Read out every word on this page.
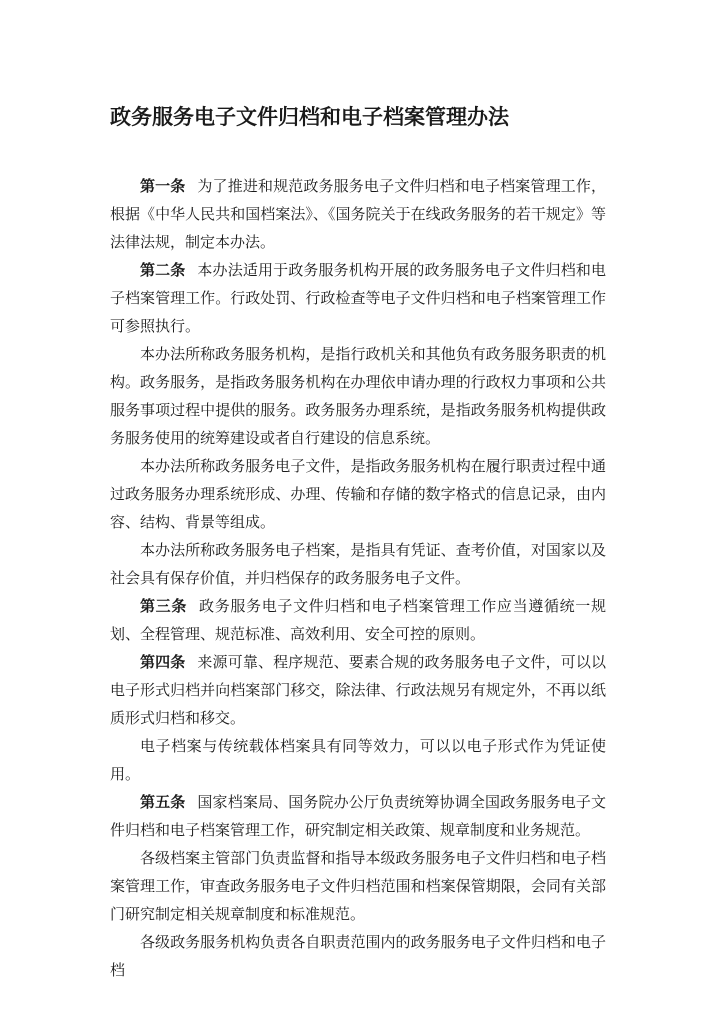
政务服务电子文件归档和电子档案管理办法

第一条 为了推进和规范政务服务电子文件归档和电子档案管理工作，根据《中华人民共和国档案法》、《国务院关于在线政务服务的若干规定》等法律法规，制定本办法。

第二条 本办法适用于政务服务机构开展的政务服务电子文件归档和电子档案管理工作。行政处罚、行政检查等电子文件归档和电子档案管理工作可参照执行。

本办法所称政务服务机构，是指行政机关和其他负有政务服务职责的机构。政务服务，是指政务服务机构在办理依申请办理的行政权力事项和公共服务事项过程中提供的服务。政务服务办理系统，是指政务服务机构提供政务服务使用的统筹建设或者自行建设的信息系统。

本办法所称政务服务电子文件，是指政务服务机构在履行职责过程中通过政务服务办理系统形成、办理、传输和存储的数字格式的信息记录，由内容、结构、背景等组成。

本办法所称政务服务电子档案，是指具有凭证、查考价值，对国家以及社会具有保存价值，并归档保存的政务服务电子文件。

第三条 政务服务电子文件归档和电子档案管理工作应当遵循统一规划、全程管理、规范标准、高效利用、安全可控的原则。

第四条 来源可靠、程序规范、要素合规的政务服务电子文件，可以以电子形式归档并向档案部门移交，除法律、行政法规另有规定外，不再以纸质形式归档和移交。

电子档案与传统载体档案具有同等效力，可以以电子形式作为凭证使用。

第五条 国家档案局、国务院办公厅负责统筹协调全国政务服务电子文件归档和电子档案管理工作，研究制定相关政策、规章制度和业务规范。

各级档案主管部门负责监督和指导本级政务服务电子文件归档和电子档案管理工作，审查政务服务电子文件归档范围和档案保管期限，会同有关部门研究制定相关规章制度和标准规范。

各级政务服务机构负责各自职责范围内的政务服务电子文件归档和电子档
